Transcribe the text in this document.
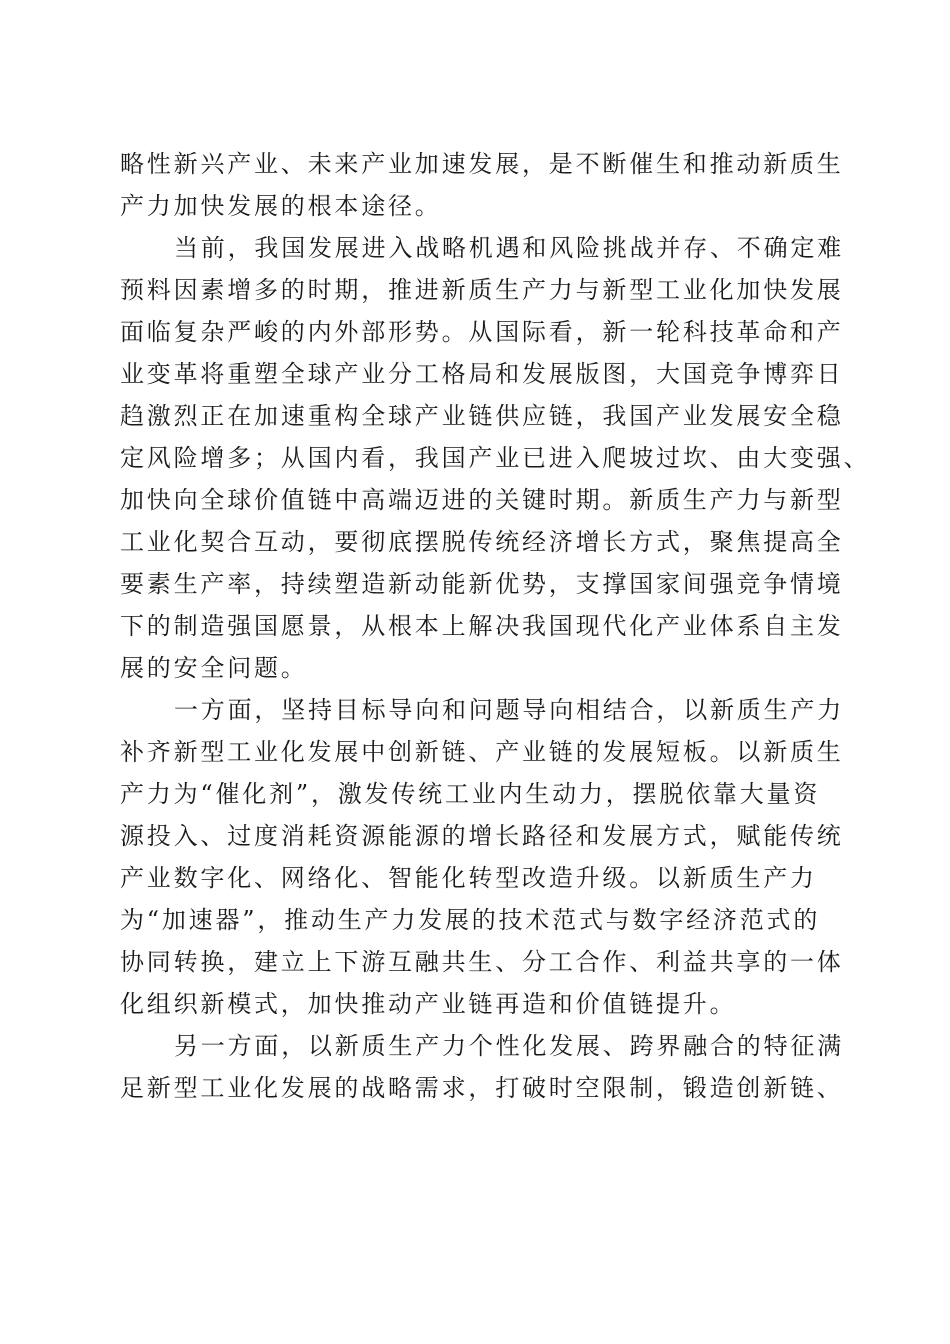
略性新兴产业、未来产业加速发展，是不断催生和推动新质生
产力加快发展的根本途径。
当前，我国发展进入战略机遇和风险挑战并存、不确定难
预料因素增多的时期，推进新质生产力与新型工业化加快发展
面临复杂严峻的内外部形势。从国际看，新一轮科技革命和产
业变革将重塑全球产业分工格局和发展版图，大国竞争博弈日
趋激烈正在加速重构全球产业链供应链，我国产业发展安全稳
定风险增多；从国内看，我国产业已进入爬坡过坎、由大变强、
加快向全球价值链中高端迈进的关键时期。新质生产力与新型
工业化契合互动，要彻底摆脱传统经济增长方式，聚焦提高全
要素生产率，持续塑造新动能新优势，支撑国家间强竞争情境
下的制造强国愿景，从根本上解决我国现代化产业体系自主发
展的安全问题。
一方面，坚持目标导向和问题导向相结合，以新质生产力
补齐新型工业化发展中创新链、产业链的发展短板。以新质生
产力为“催化剂”，激发传统工业内生动力，摆脱依靠大量资
源投入、过度消耗资源能源的增长路径和发展方式，赋能传统
产业数字化、网络化、智能化转型改造升级。以新质生产力
为“加速器”，推动生产力发展的技术范式与数字经济范式的
协同转换，建立上下游互融共生、分工合作、利益共享的一体
化组织新模式，加快推动产业链再造和价值链提升。
另一方面，以新质生产力个性化发展、跨界融合的特征满
足新型工业化发展的战略需求，打破时空限制，锻造创新链、
